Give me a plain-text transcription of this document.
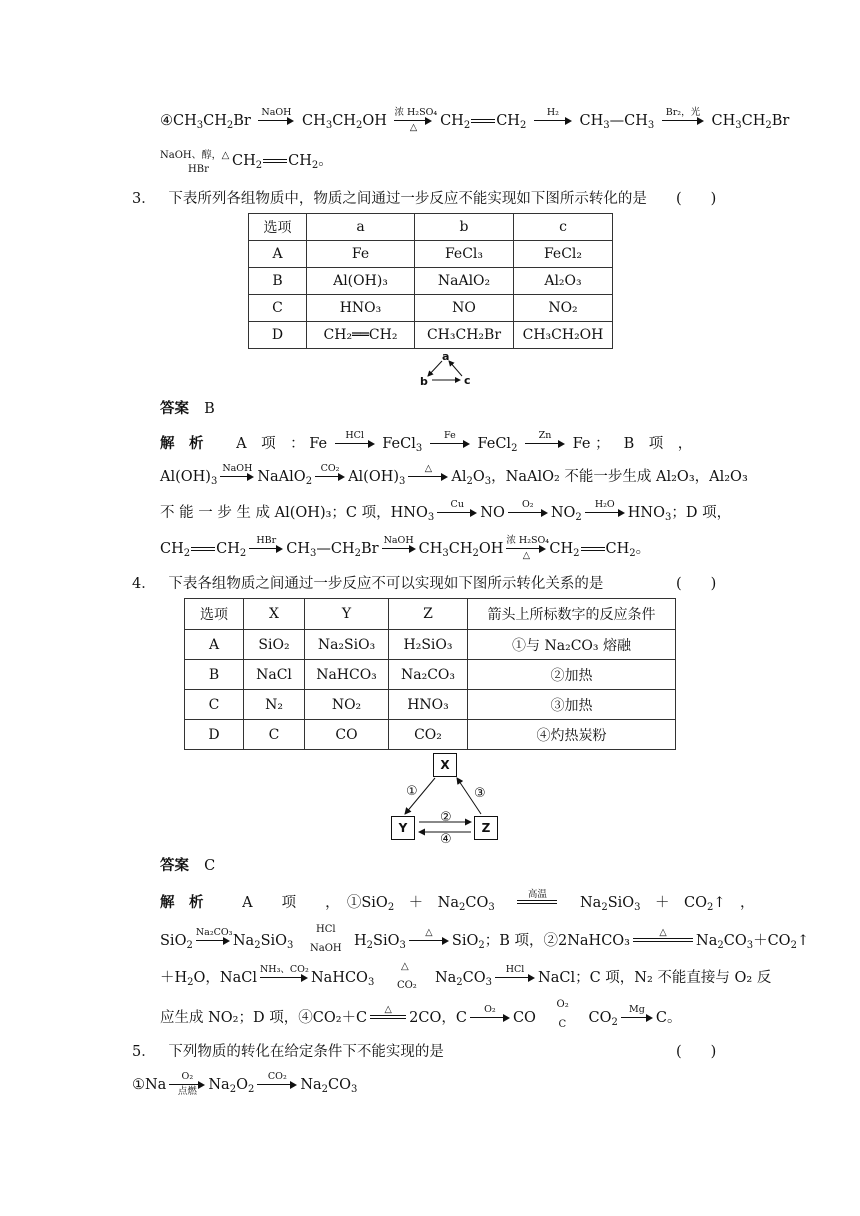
$④CH_3CH_2Br$
NaOH
$CH_3CH_2OH$
浓 H₂SO₄
△	$CH_2$ $CH_2$
H₂
$CH_3—CH_3$
Br₂，光
$CH_3CH_2Br$
NaOH、醇，△
HBr
$CH_2$ $CH_2$。
3． 下表所列各组物质中，物质之间通过一步反应不能实现如下图所示转化的是 (　　)
选项	a	b	c
A	Fe	FeCl₃	FeCl₂
B	Al(OH)₃	NaAlO₂	Al₂O₃
C	HNO₃	NO	NO₂
D	CH₂══CH₂	CH₃CH₂Br	CH₃CH₂OH
a
b	c
答案 B
解　析 A　项　： Fe
HCl
FeCl$_3$
Fe
FeCl$_2$
Zn
Fe ； B　项　，
$Al(OH)_3$
NaOH
NaAlO$_2$
CO₂
$Al(OH)_3$
△
$Al_2O_3$，NaAlO₂ 不能一步生成 Al₂O₃，Al₂O₃
不 能 一 步 生 成 Al(OH)₃；C 项，$HNO_3$
Cu
NO
O₂
$NO_2$
H₂O
$HNO_3$；D 项，
$CH_2$ $CH_2$
HBr
$CH_3—CH_2Br$
NaOH
$CH_3CH_2OH$
浓 H₂SO₄
△	$CH_2$ $CH_2$。
4． 下表各组物质之间通过一步反应不可以实现如下图所示转化关系的是	(　　)
选项	X	Y	Z	箭头上所标数字的反应条件
A	SiO₂	Na₂SiO₃	H₂SiO₃	①与 Na₂CO₃ 熔融
B	NaCl	NaHCO₃	Na₂CO₃	②加热
C	N₂	NO₂	HNO₃	③加热
D	C	CO	CO₂	④灼热炭粉
X
Y	Z
①	③
②
④
答案 C
解　析	A　　项　　，　①SiO$_2$　＋　$Na_2CO_3$
高温
$Na_2SiO_3$　＋　$CO_2↑$　，
SiO$_2$
Na₂CO₃
$Na_2SiO_3$
HCl
NaOH $H_2SiO_3$
△
SiO$_2$；B 项，②2NaHCO₃
△
$Na_2CO_3+CO_2↑$
$+H_2O$，NaCl
NH₃、CO₂
NaHCO$_3$
△
CO₂ $Na_2CO_3$
HCl
NaCl；C 项，N₂ 不能直接与 O₂ 反
应生成 NO₂；D 项，④CO₂＋C
△
2CO，C
O₂
CO
O₂
C $CO_2$
Mg
C。
5． 下列物质的转化在给定条件下不能实现的是	(　　)
①Na
O₂
点燃 $Na_2O_2$
CO₂
$Na_2CO_3$
